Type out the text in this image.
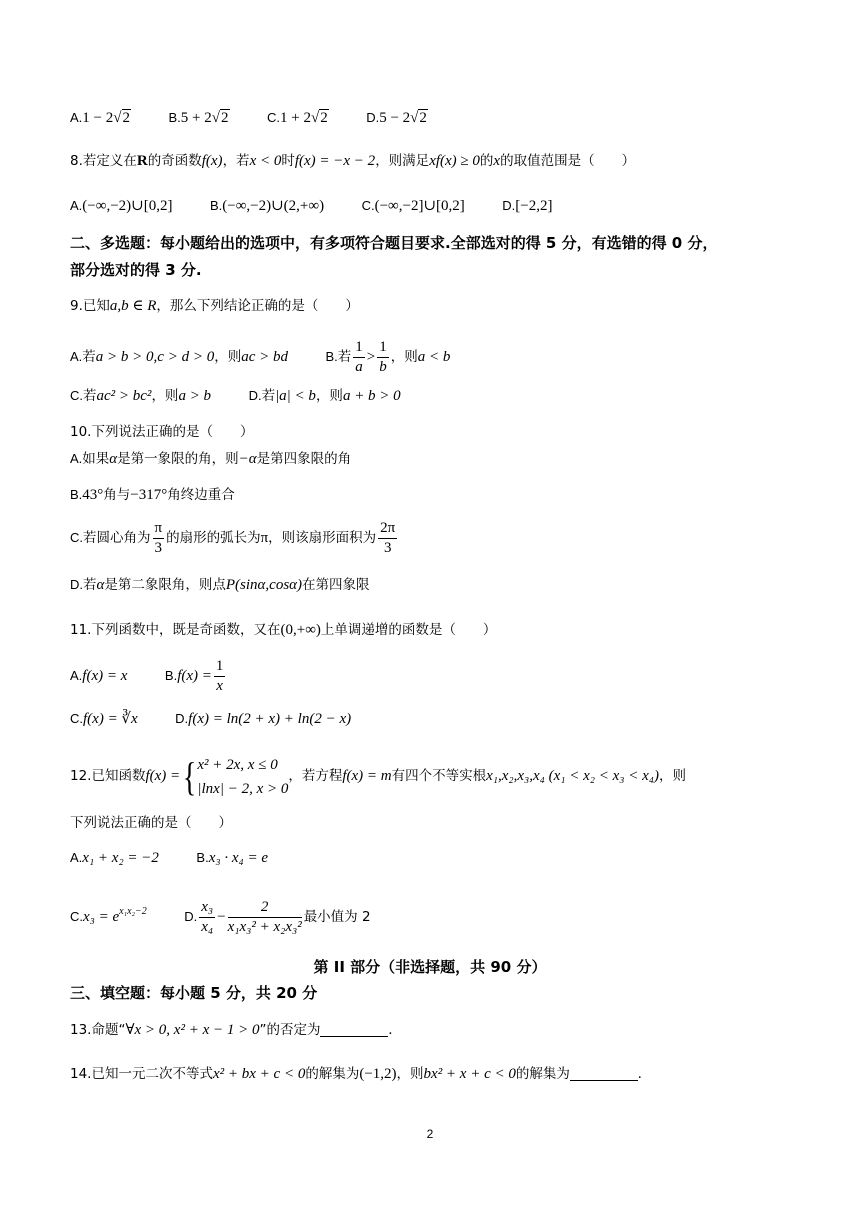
A.1 − 2√2	B.5 + 2√2	C.1 + 2√2	D.5 − 2√2
8.若定义在R的奇函数f(x)，若x < 0时f(x) = −x − 2，则满足xf(x) ≥ 0的x的取值范围是（　　）
A.(−∞,−2)∪[0,2]	B.(−∞,−2)∪(2,+∞)	C.(−∞,−2]∪[0,2]	D.[−2,2]
二、多选题：每小题给出的选项中，有多项符合题目要求.全部选对的得 5 分，有选错的得 0 分，
部分选对的得 3 分.
9.已知a,b ∈ R，那么下列结论正确的是（　　）
A.若a > b > 0,c > d > 0，则ac > bd	B.若 $\frac{1}{a} > \frac{1}{b}$ ，则a < b
C.若ac² > bc²，则a > b	D.若|a| < b，则a + b > 0
10.下列说法正确的是（　　）
A.如果α是第一象限的角，则−α是第四象限的角
B.43°角与−317°角终边重合
C.若圆心角为 $\frac{\pi}{3}$ 的扇形的弧长为π，则该扇形面积为 $\frac{2\pi}{3}$
D.若α是第二象限角，则点P(sinα,cosα)在第四象限
11.下列函数中，既是奇函数，又在(0,+∞)上单调递增的函数是（　　）
A.f(x) = x	$B.f(x) = \frac{1}{x}$
C.f(x) = ∛x	D.f(x) = ln(2 + x) + ln(2 − x)
12.已知函数f(x) ={ x² + 2x, x ≤ 0
|lnx| − 2, x > 0
，若方程f(x) = m有四个不等实根x₁,x₂,x₃,x₄ (x₁ < x₂ < x₃ < x₄)，则
下列说法正确的是（　　）
A.x₁ + x₂ = −2	B.x₃ · x₄ = e
$C.x_3 = e^{x_1x_2-2}$	D. $\frac{\text{x₃}}{\text{x₄}} - \frac{2}{\text{x₁x₃² + x₂x₃²}}$ 最小值为 2
第 II 部分（非选择题，共 90 分）
三、填空题：每小题 5 分，共 20 分
13.命题“∀x > 0, x² + x − 1 > 0”的否定为	.
14.已知一元二次不等式x² + bx + c < 0的解集为(−1,2)，则bx² + x + c < 0的解集为	.
2
